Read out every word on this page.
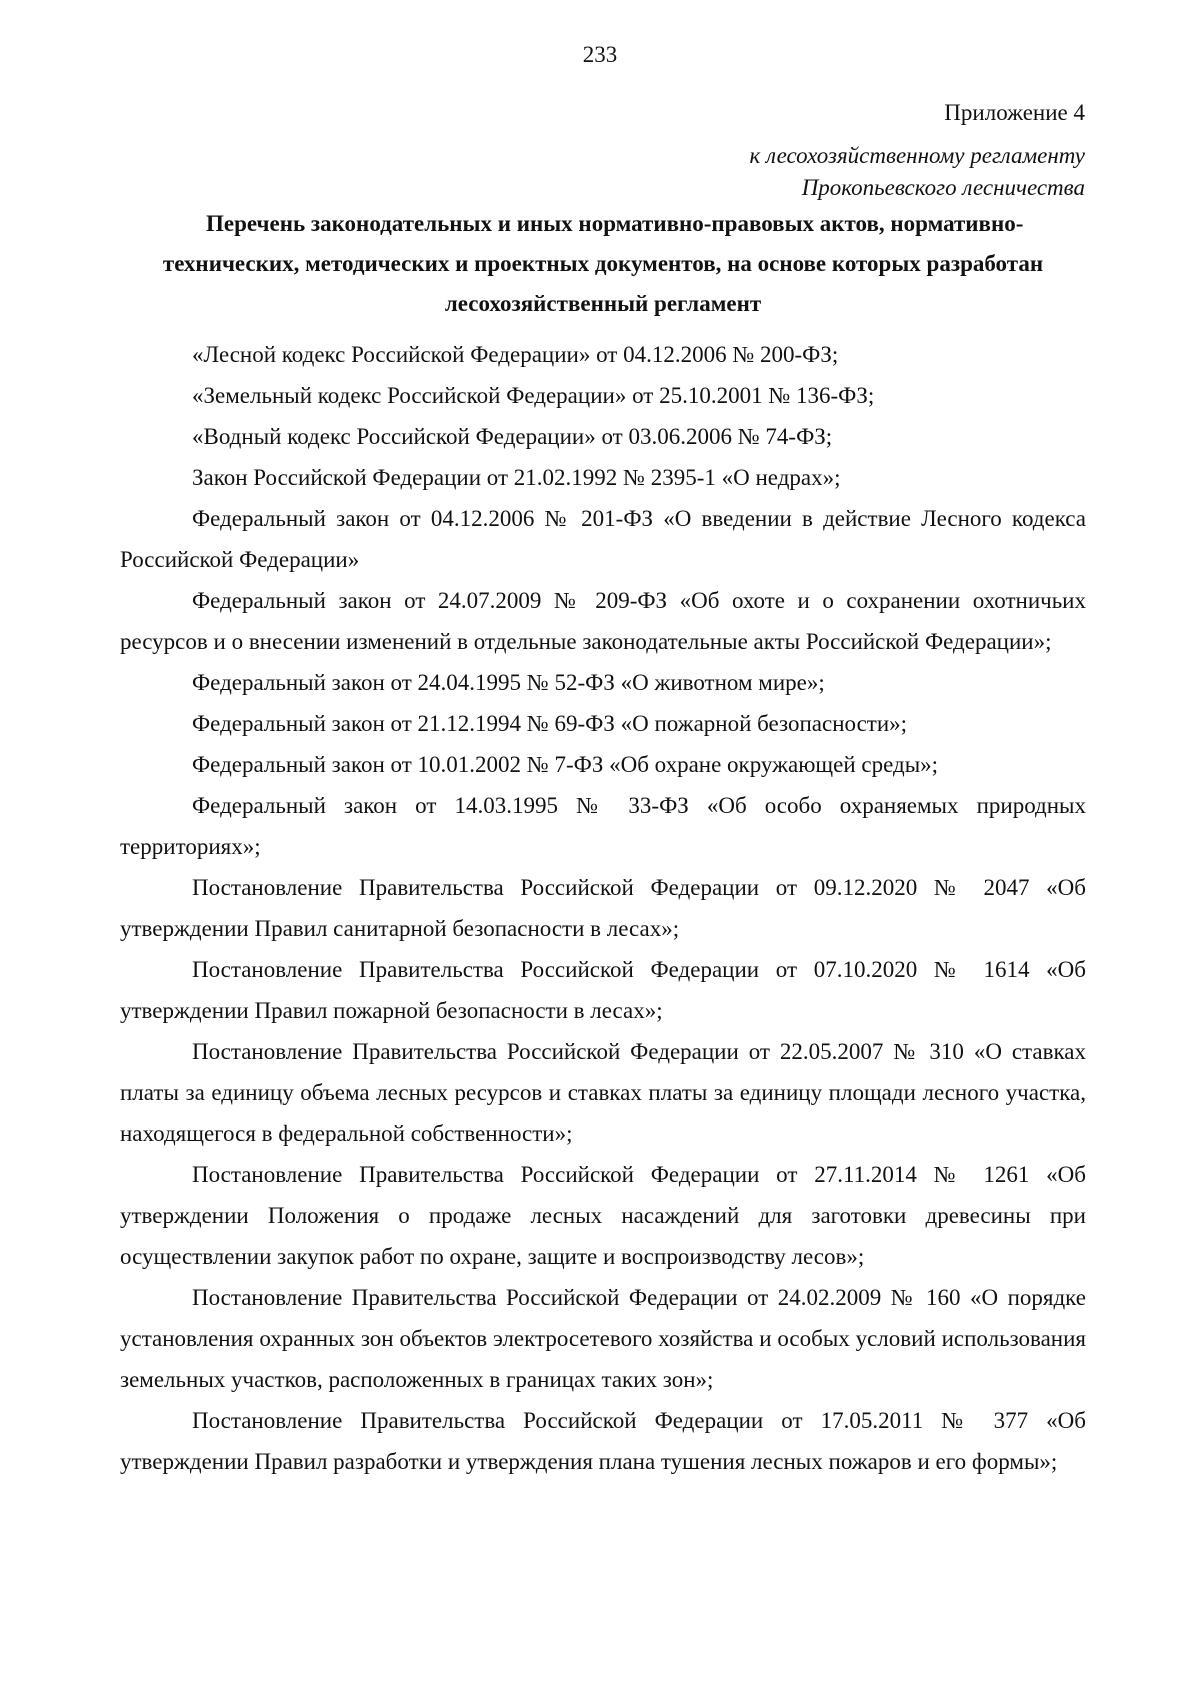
233
Приложение 4
к лесохозяйственному регламенту
Прокопьевского лесничества
Перечень законодательных и иных нормативно-правовых актов, нормативно-
технических, методических и проектных документов, на основе которых разработан
лесохозяйственный регламент

«Лесной кодекс Российской Федерации» от 04.12.2006 № 200-ФЗ;

«Земельный кодекс Российской Федерации» от 25.10.2001 № 136-ФЗ;

«Водный кодекс Российской Федерации» от 03.06.2006 № 74-ФЗ;

Закон Российской Федерации от 21.02.1992 № 2395-1 «О недрах»;

Федеральный закон от 04.12.2006 № 201-ФЗ «О введении в действие Лесного кодекса Российской Федерации»

Федеральный закон от 24.07.2009 № 209-ФЗ «Об охоте и о сохранении охотничьих ресурсов и о внесении изменений в отдельные законодательные акты Российской Федерации»;

Федеральный закон от 24.04.1995 № 52-ФЗ «О животном мире»;

Федеральный закон от 21.12.1994 № 69-ФЗ «О пожарной безопасности»;

Федеральный закон от 10.01.2002 № 7-ФЗ «Об охране окружающей среды»;

Федеральный закон от 14.03.1995 № 33-ФЗ «Об особо охраняемых природных территориях»;

Постановление Правительства Российской Федерации от 09.12.2020 № 2047 «Об утверждении Правил санитарной безопасности в лесах»;

Постановление Правительства Российской Федерации от 07.10.2020 № 1614 «Об утверждении Правил пожарной безопасности в лесах»;

Постановление Правительства Российской Федерации от 22.05.2007 № 310 «О ставках платы за единицу объема лесных ресурсов и ставках платы за единицу площади лесного участка, находящегося в федеральной собственности»;

Постановление Правительства Российской Федерации от 27.11.2014 № 1261 «Об утверждении Положения о продаже лесных насаждений для заготовки древесины при осуществлении закупок работ по охране, защите и воспроизводству лесов»;

Постановление Правительства Российской Федерации от 24.02.2009 № 160 «О порядке установления охранных зон объектов электросетевого хозяйства и особых условий использования земельных участков, расположенных в границах таких зон»;

Постановление Правительства Российской Федерации от 17.05.2011 № 377 «Об утверждении Правил разработки и утверждения плана тушения лесных пожаров и его формы»;
